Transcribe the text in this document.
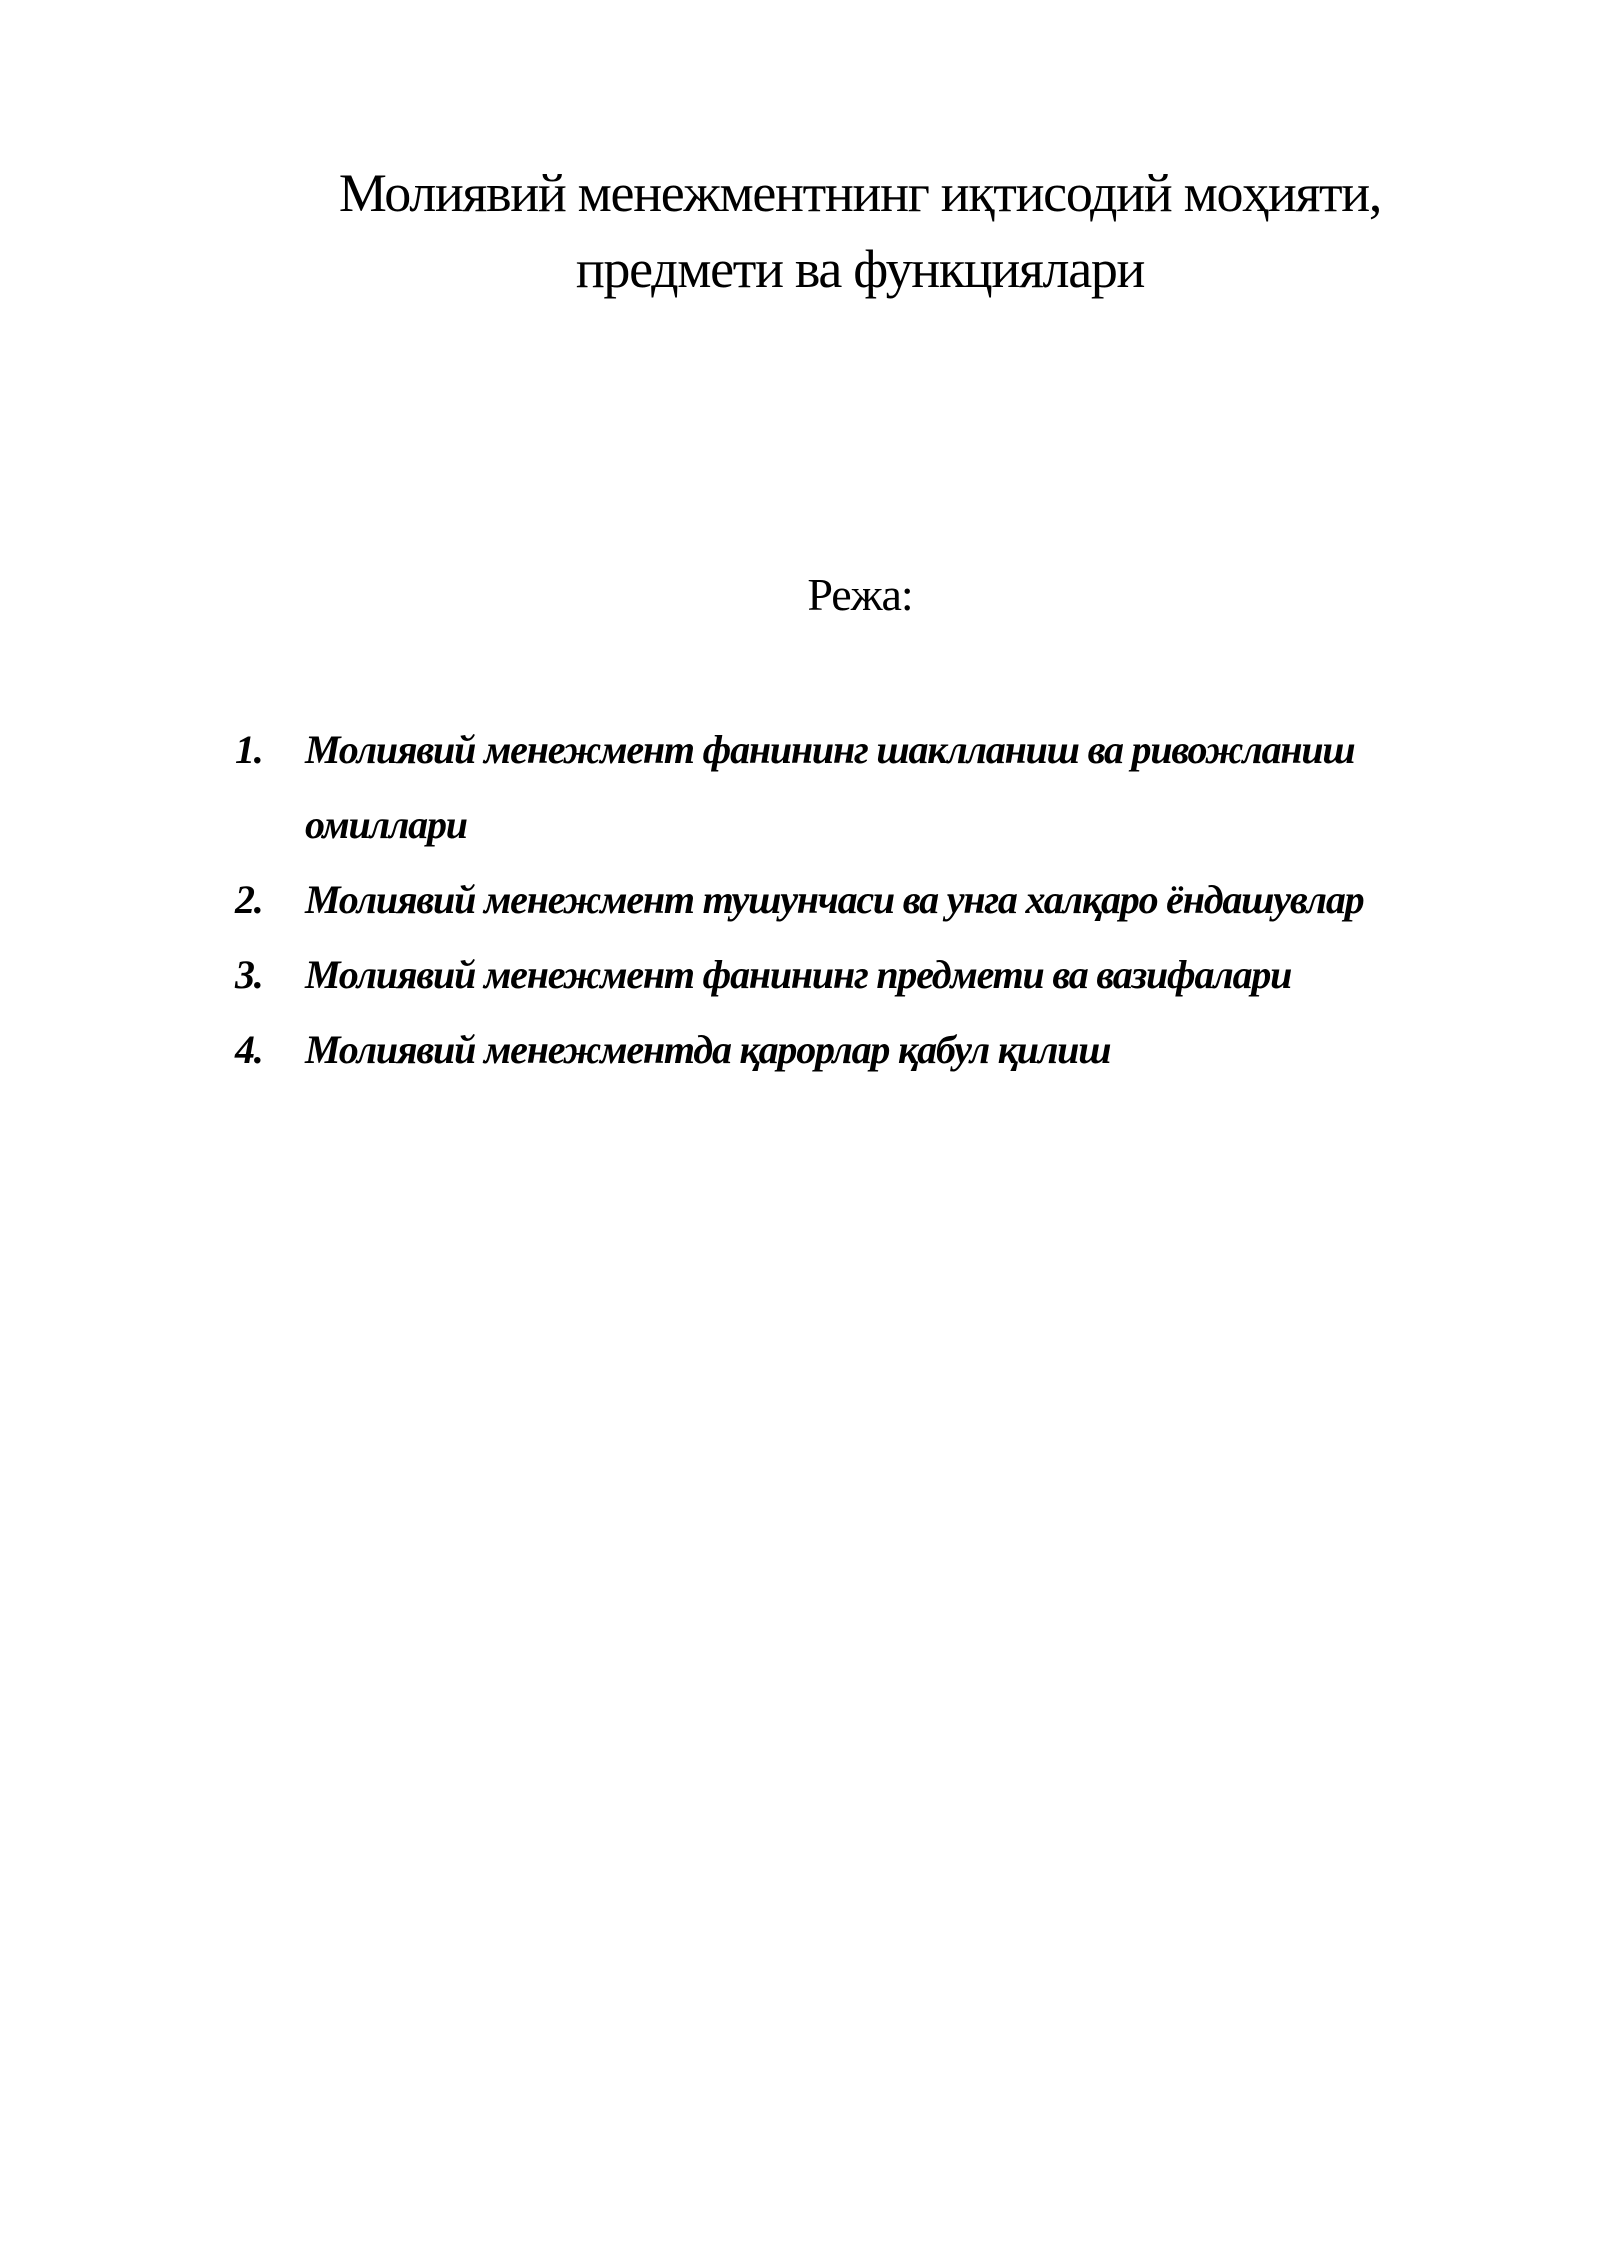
Молиявий менежментнинг иқтисодий моҳияти,
предмети ва функциялари
Режа:
1.	Молиявий менежмент фанининг шаклланиш ва ривожланиш
омиллари
2.	Молиявий менежмент тушунчаси ва унга халқаро ёндашувлар
3.	Молиявий менежмент фанининг предмети ва вазифалари
4.	Молиявий менежментда қарорлар қабул қилиш
